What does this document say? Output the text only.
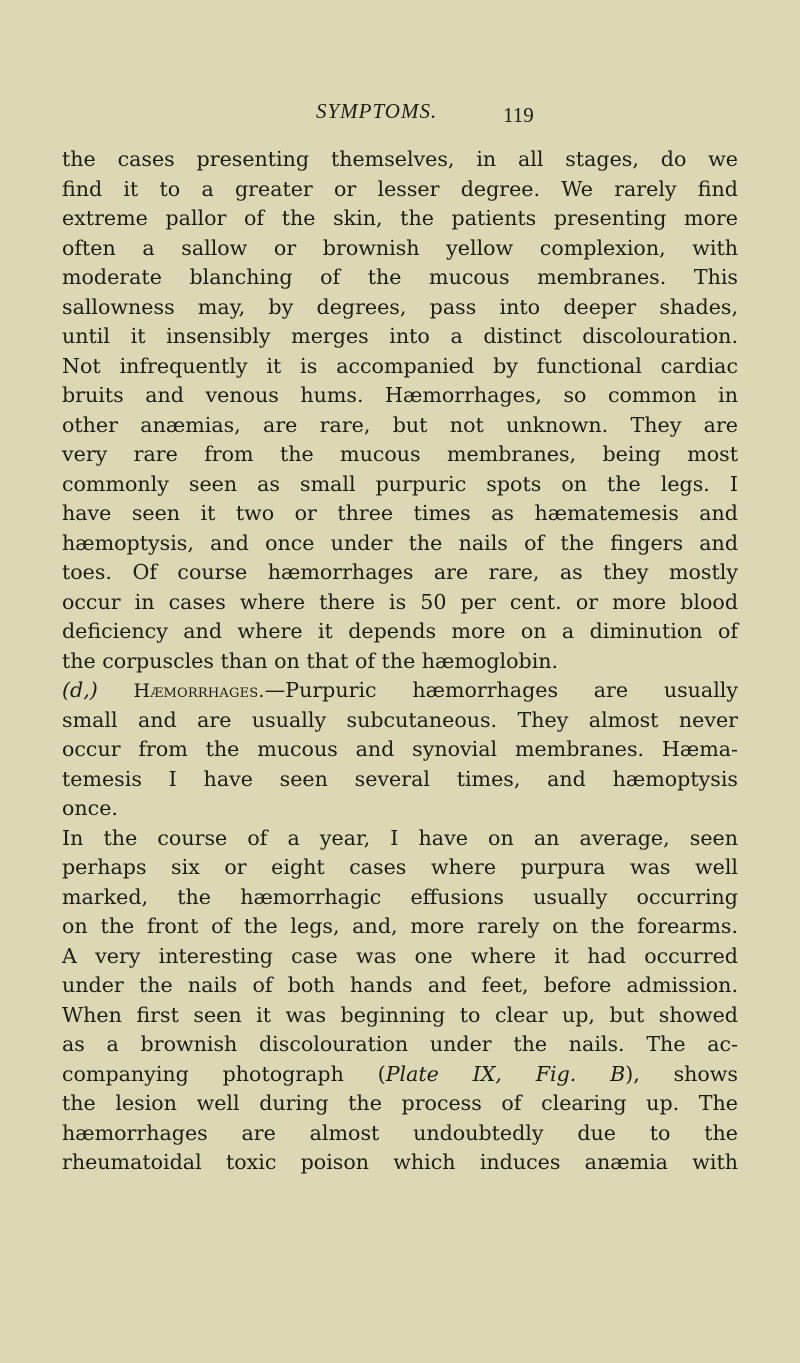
SYMPTOMS.	119
the cases presenting themselves, in all stages, do we
find it to a greater or lesser degree. We rarely find
extreme pallor of the skin, the patients presenting more
often a sallow or brownish yellow complexion, with
moderate blanching of the mucous membranes. This
sallowness may, by degrees, pass into deeper shades,
until it insensibly merges into a distinct discolouration.
Not infrequently it is accompanied by functional cardiac
bruits and venous hums. Hæmorrhages, so common in
other anæmias, are rare, but not unknown. They are
very rare from the mucous membranes, being most
commonly seen as small purpuric spots on the legs. I
have seen it two or three times as hæmatemesis and
hæmoptysis, and once under the nails of the fingers and
toes. Of course hæmorrhages are rare, as they mostly
occur in cases where there is 50 per cent. or more blood
deficiency and where it depends more on a diminution of
the corpuscles than on that of the hæmoglobin.
(d,) Hæmorrhages.—Purpuric hæmorrhages are usually
small and are usually subcutaneous. They almost never
occur from the mucous and synovial membranes. Hæma-
temesis I have seen several times, and hæmoptysis
once.
In the course of a year, I have on an average, seen
perhaps six or eight cases where purpura was well
marked, the hæmorrhagic effusions usually occurring
on the front of the legs, and, more rarely on the forearms.
A very interesting case was one where it had occurred
under the nails of both hands and feet, before admission.
When first seen it was beginning to clear up, but showed
as a brownish discolouration under the nails. The ac-
companying photograph (Plate IX, Fig. B), shows
the lesion well during the process of clearing up. The
hæmorrhages are almost undoubtedly due to the
rheumatoidal toxic poison which induces anæmia with
